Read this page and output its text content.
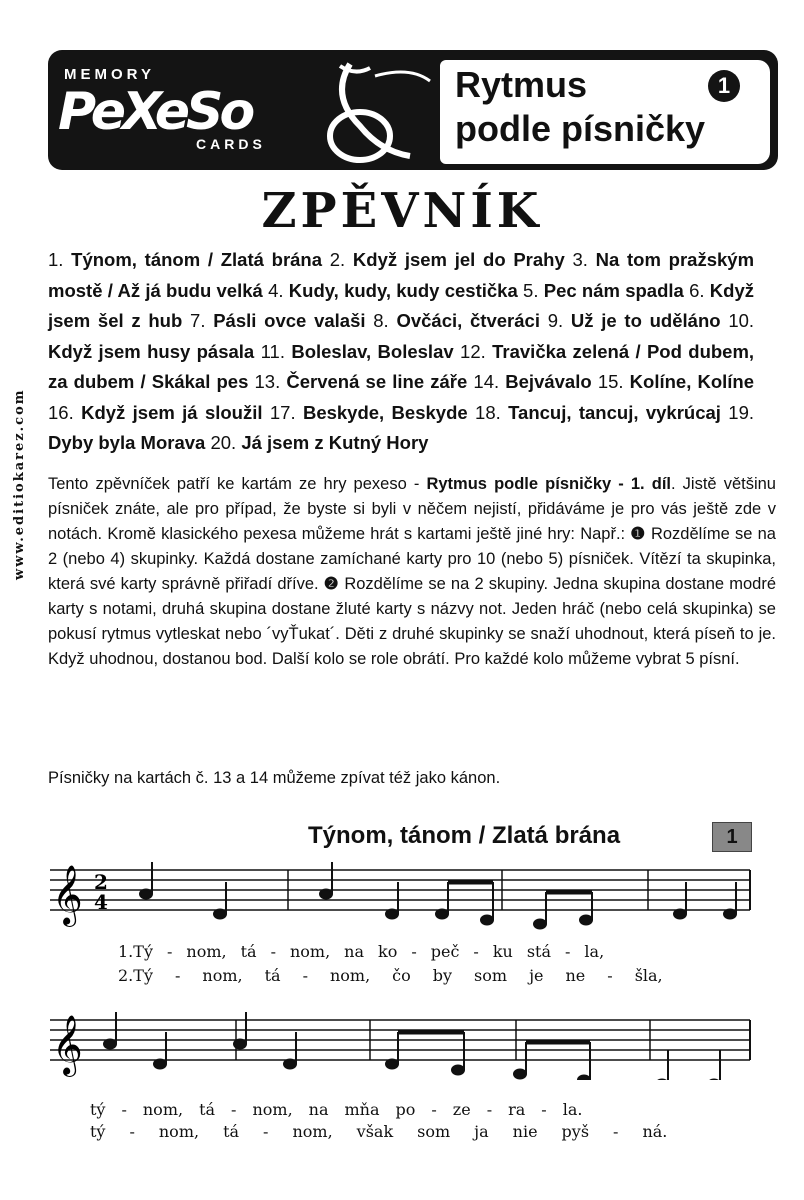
MEMORY
PeXeSo
CARDS
Rytmus
podle písničky
1
ZPĚVNÍK
1. Týnom, tánom / Zlatá brána 2. Když jsem jel do Prahy 3. Na tom pražským mostě / Až já budu velká 4. Kudy, kudy, kudy cestička 5. Pec nám spadla 6. Když jsem šel z hub 7. Pásli ovce valaši 8. Ovčáci, čtveráci 9. Už je to uděláno 10. Když jsem husy pásala 11. Boleslav, Boleslav 12. Travička zelená / Pod dubem, za dubem / Skákal pes 13. Červená se line záře 14. Bejvávalo 15. Kolíne, Kolíne 16. Když jsem já sloužil 17. Beskyde, Beskyde 18. Tancuj, tancuj, vykrúcaj 19. Dyby byla Morava 20. Já jsem z Kutný Hory
Tento zpěvníček patří ke kartám ze hry pexeso - Rytmus podle písničky - 1. díl. Jistě většinu písniček znáte, ale pro případ, že byste si byli v něčem nejistí, přidáváme je pro vás ještě zde v notách. Kromě klasického pexesa můžeme hrát s kartami ještě jiné hry: Např.: ❶ Rozdělíme se na 2 (nebo 4) skupinky. Každá dostane zamíchané karty pro 10 (nebo 5) písniček. Vítězí ta skupinka, která své karty správně přiřadí dříve. ❷ Rozdělíme se na 2 skupiny. Jedna skupina dostane modré karty s notami, druhá skupina dostane žluté karty s názvy not. Jeden hráč (nebo celá skupinka) se pokusí rytmus vytleskat nebo ´vyŤukat´. Děti z druhé skupinky se snaží uhodnout, která píseň to je. Když uhodnou, dostanou bod. Další kolo se role obrátí. Pro každé kolo můžeme vybrat 5 písní.
Písničky na kartách č. 13 a 14 můžeme zpívat též jako kánon.
www.editiokarez.com
Týnom, tánom / Zlatá brána	1
𝄞 2
4
1.Tý - nom, tá - nom, na ko - peč - ku stá - la,
2.Tý - nom, tá - nom, čo by som je ne - šla,
𝄞
tý - nom, tá - nom, na mňa po - ze - ra - la.
tý - nom, tá - nom, však som ja nie pyš - ná.
